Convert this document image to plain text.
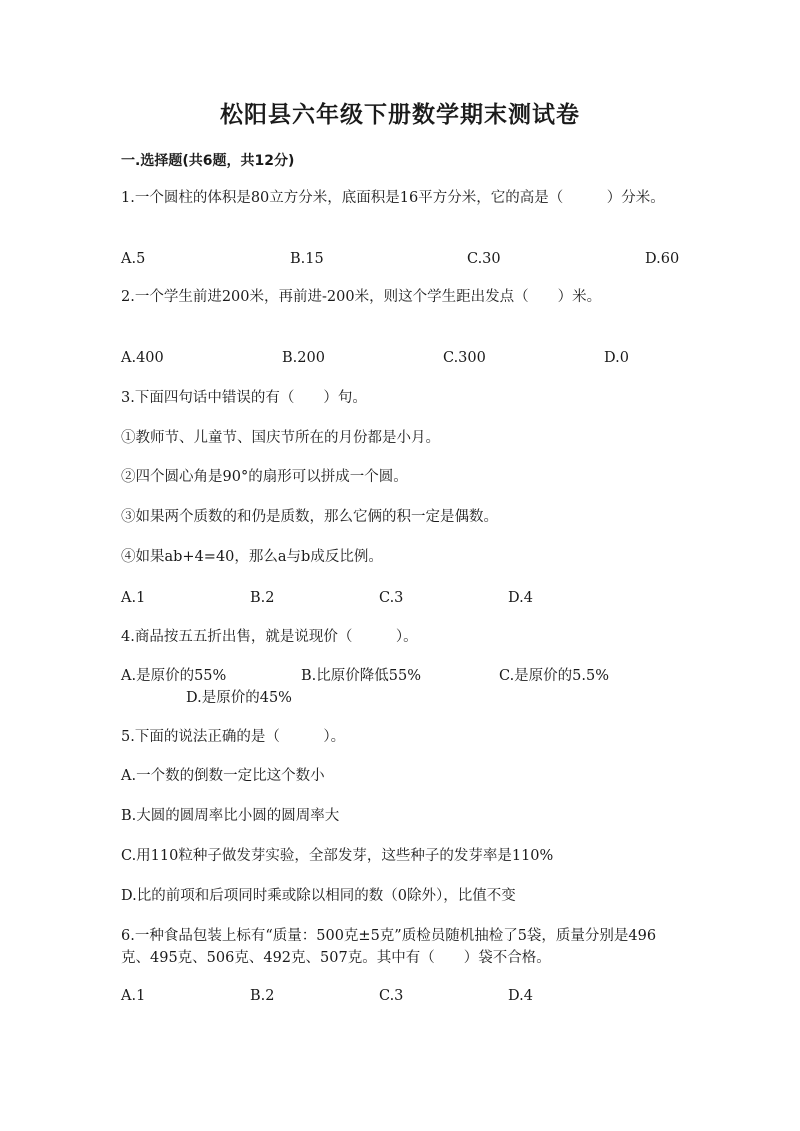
松阳县六年级下册数学期末测试卷
一.选择题(共6题，共12分)
1.一个圆柱的体积是80立方分米，底面积是16平方分米，它的高是（　　　）分米。
A.5	B.15	C.30	D.60
2.一个学生前进200米，再前进-200米，则这个学生距出发点（　　）米。
A.400	B.200	C.300	D.0
3.下面四句话中错误的有（　　）句。
①教师节、儿童节、国庆节所在的月份都是小月。
②四个圆心角是90°的扇形可以拼成一个圆。
③如果两个质数的和仍是质数，那么它俩的积一定是偶数。
④如果ab+4=40，那么a与b成反比例。
A.1	B.2	C.3	D.4
4.商品按五五折出售，就是说现价（　　　）。
A.是原价的55%	B.比原价降低55%	C.是原价的5.5%
D.是原价的45%
5.下面的说法正确的是（　　　）。
A.一个数的倒数一定比这个数小
B.大圆的圆周率比小圆的圆周率大
C.用110粒种子做发芽实验，全部发芽，这些种子的发芽率是110%
D.比的前项和后项同时乘或除以相同的数（0除外），比值不变
6.一种食品包装上标有“质量：500克±5克”质检员随机抽检了5袋，质量分别是496克、495克、506克、492克、507克。其中有（　　）袋不合格。
A.1	B.2	C.3	D.4
